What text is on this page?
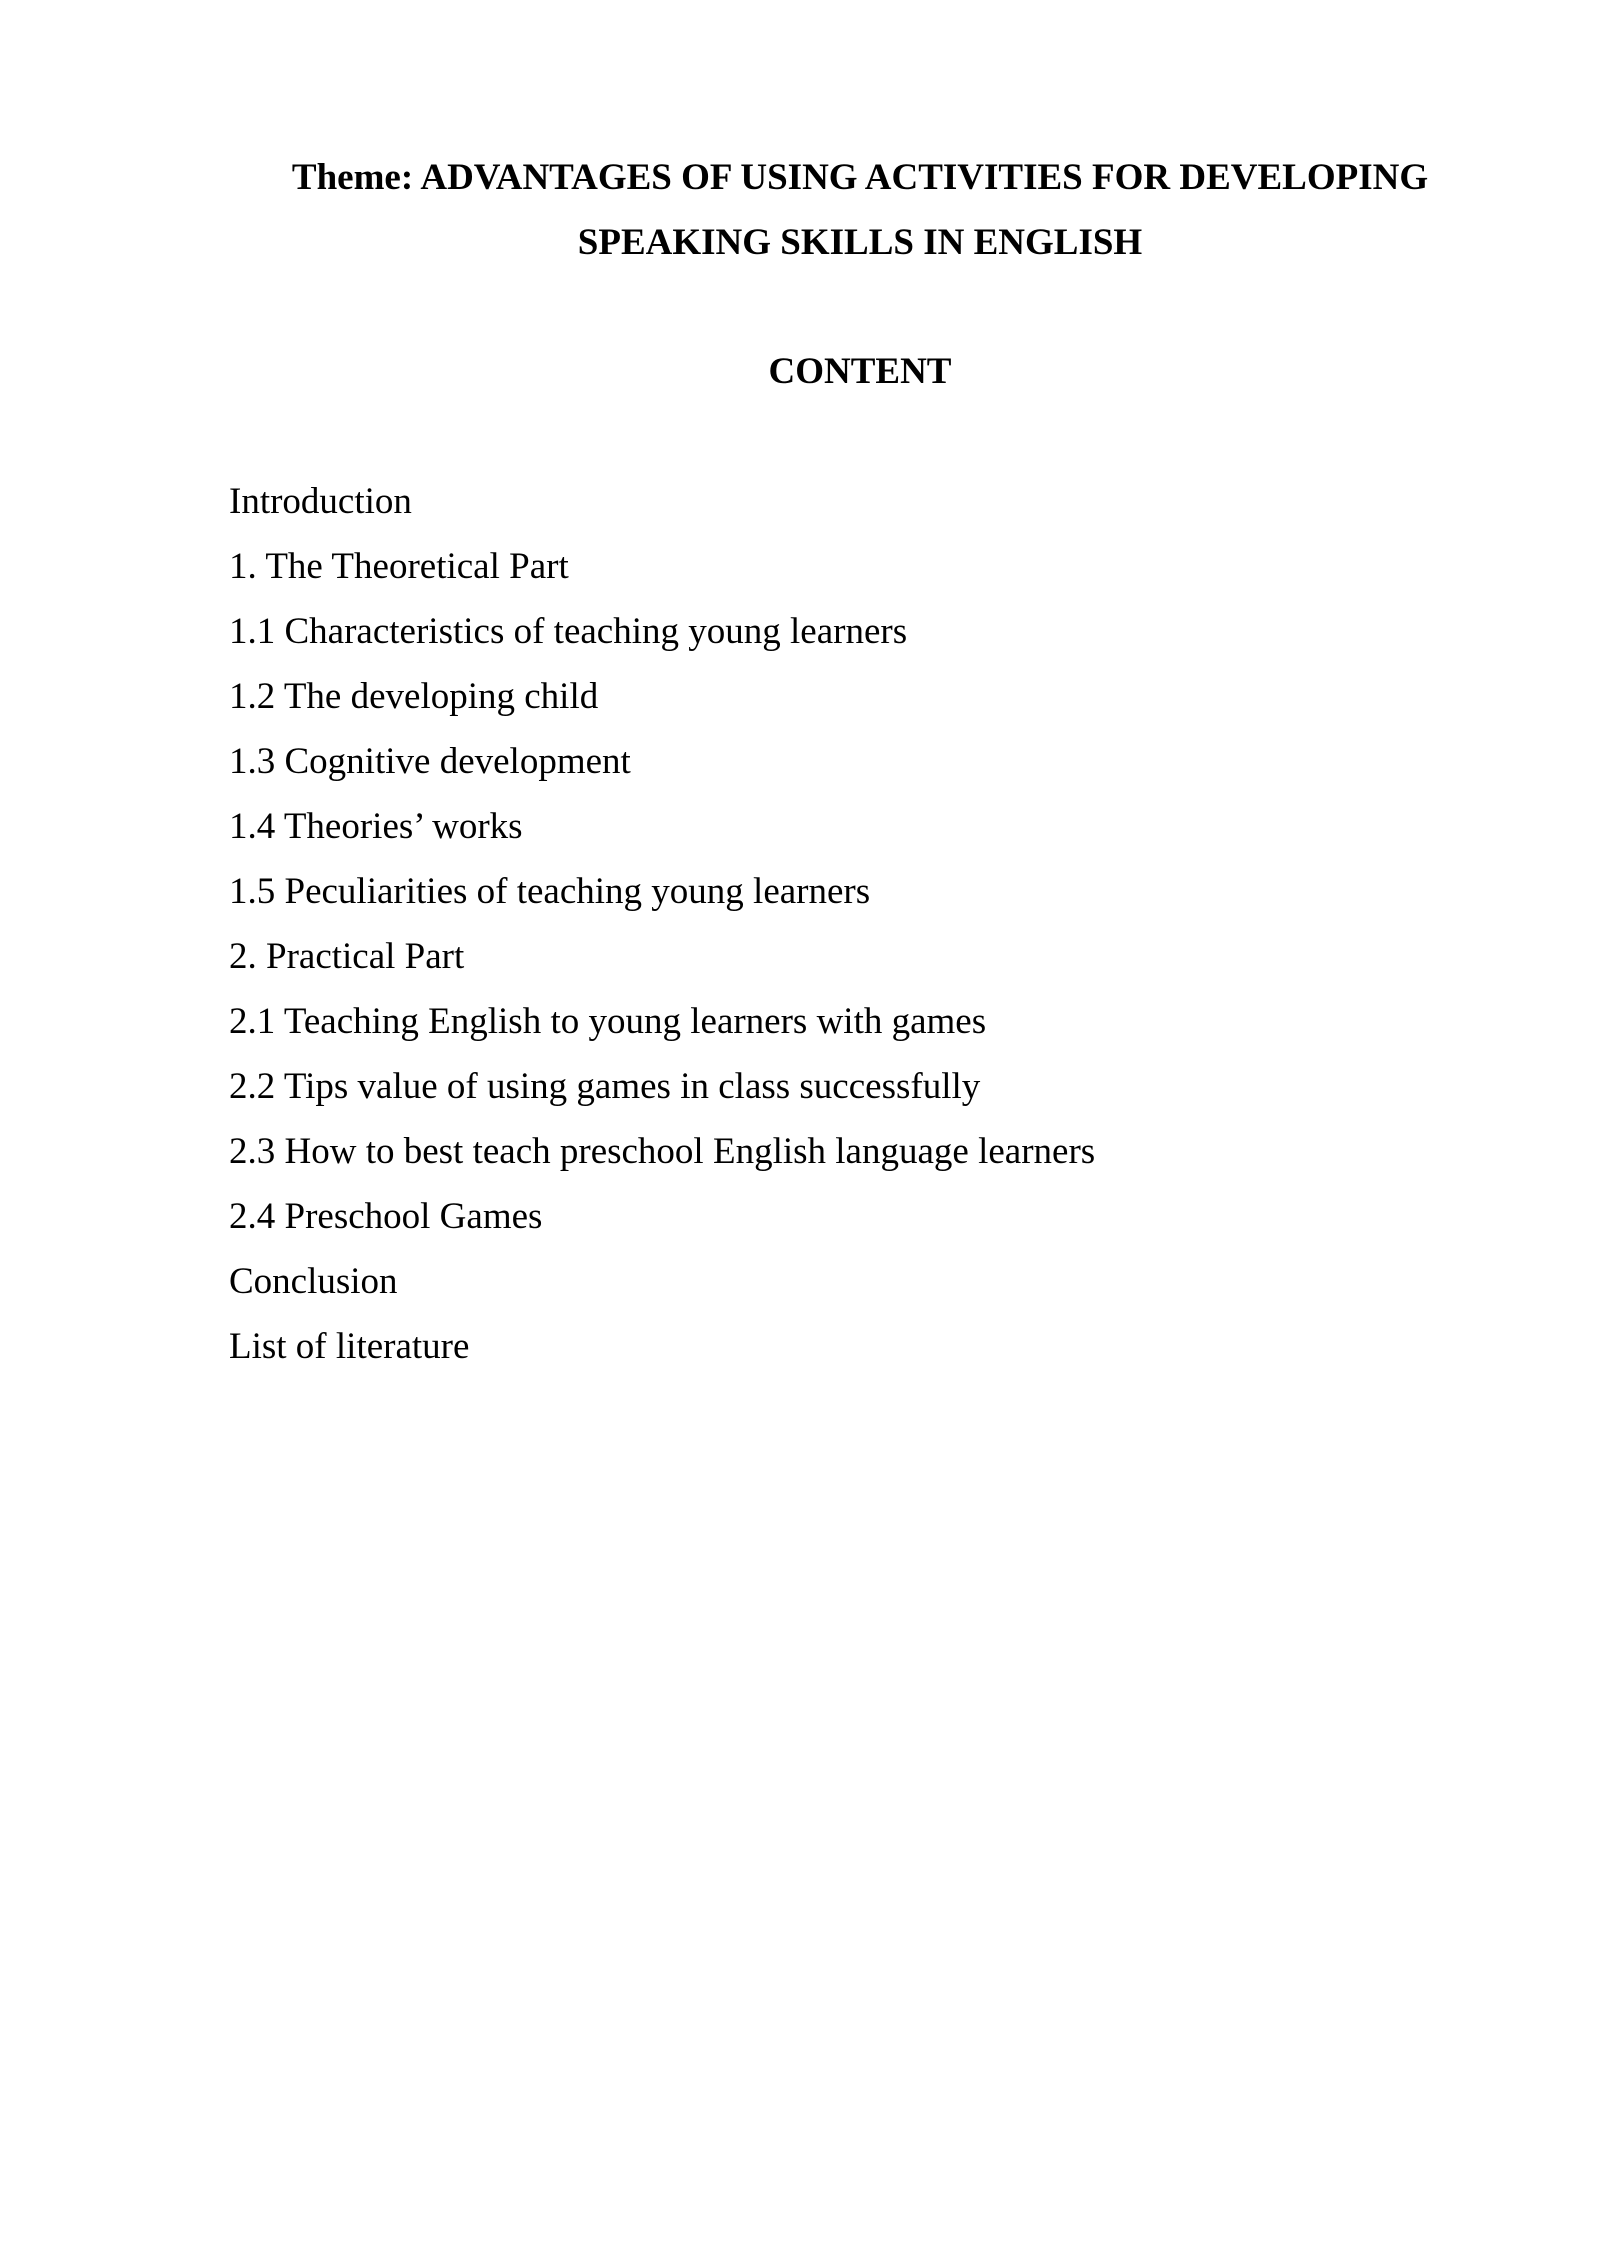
Theme: ADVANTAGES OF USING ACTIVITIES FOR DEVELOPING
SPEAKING SKILLS IN ENGLISH
CONTENT
Introduction
1. The Theoretical Part
1.1 Characteristics of teaching young learners
1.2 The developing child
1.3 Cognitive development
1.4 Theories’ works
1.5 Peculiarities of teaching young learners
2. Practical Part
2.1 Teaching English to young learners with games
2.2 Tips value of using games in class successfully
2.3 How to best teach preschool English language learners
2.4 Preschool Games
Conclusion
List of literature
